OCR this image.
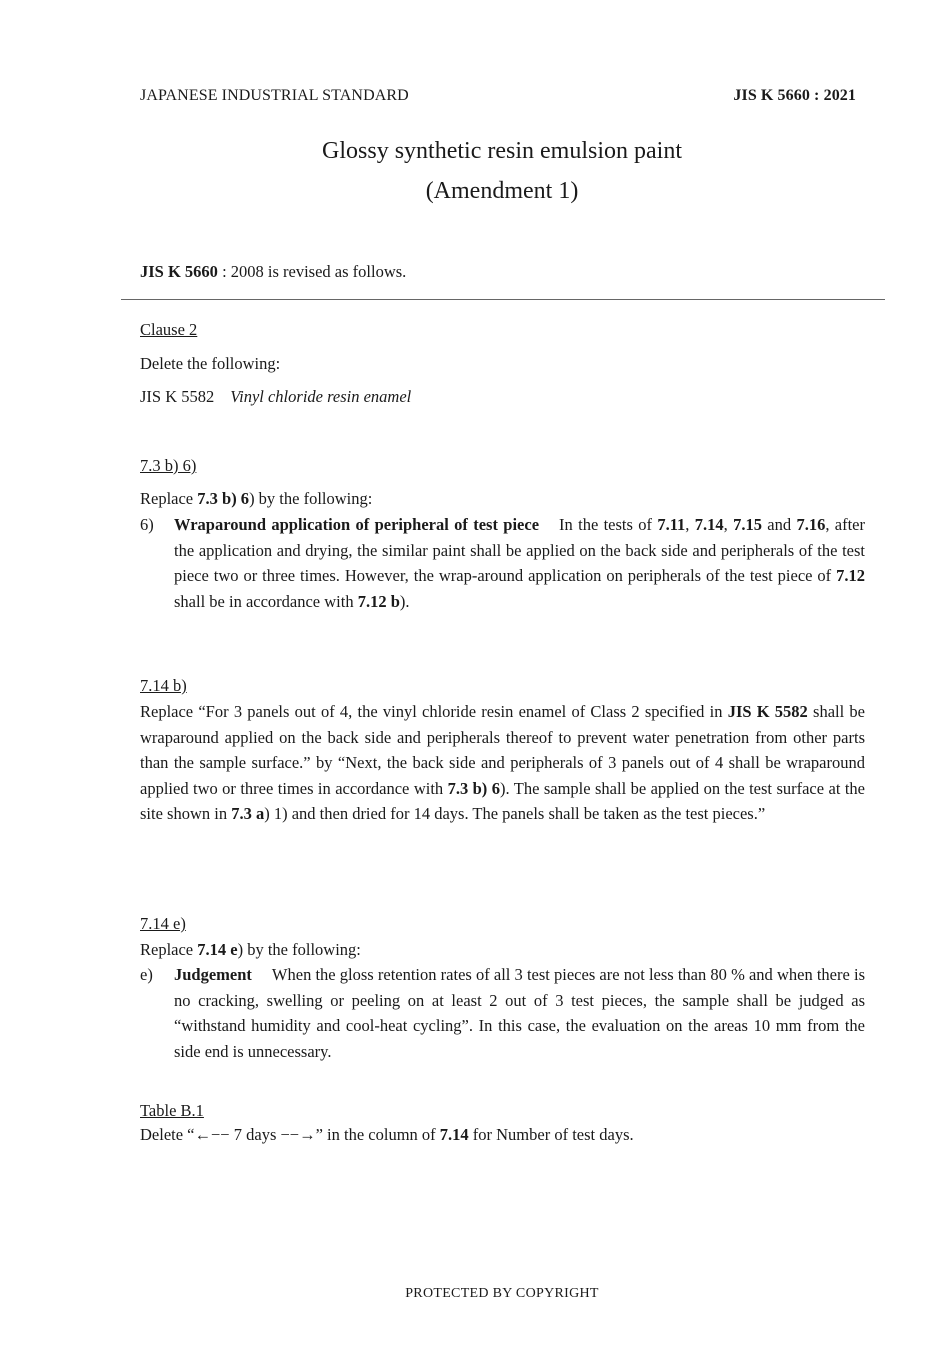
JAPANESE INDUSTRIAL STANDARD	JIS K 5660 : 2021
Glossy synthetic resin emulsion paint
(Amendment 1)
JIS K 5660 : 2008 is revised as follows.
Clause 2
Delete the following:
JIS K 5582 Vinyl chloride resin enamel
7.3 b) 6)
Replace 7.3 b) 6) by the following:
6)	Wraparound application of peripheral of test piece In the tests of 7.11, 7.14, 7.15 and 7.16, after the application and drying, the similar paint shall be applied on the back side and peripherals of the test piece two or three times. However, the wrap-around application on peripherals of the test piece of 7.12 shall be in accordance with 7.12 b).
7.14 b)
Replace “For 3 panels out of 4, the vinyl chloride resin enamel of Class 2 specified in JIS K 5582 shall be wraparound applied on the back side and peripherals thereof to prevent water penetration from other parts than the sample surface.” by “Next, the back side and peripherals of 3 panels out of 4 shall be wraparound applied two or three times in accordance with 7.3 b) 6). The sample shall be applied on the test surface at the site shown in 7.3 a) 1) and then dried for 14 days. The panels shall be taken as the test pieces.”
7.14 e)
Replace 7.14 e) by the following:
e)	Judgement When the gloss retention rates of all 3 test pieces are not less than 80 % and when there is no cracking, swelling or peeling on at least 2 out of 3 test pieces, the sample shall be judged as “withstand humidity and cool-heat cycling”. In this case, the evaluation on the areas 10 mm from the side end is unnecessary.
Table B.1
Delete “←−− 7 days −−→” in the column of 7.14 for Number of test days.
PROTECTED BY COPYRIGHT
